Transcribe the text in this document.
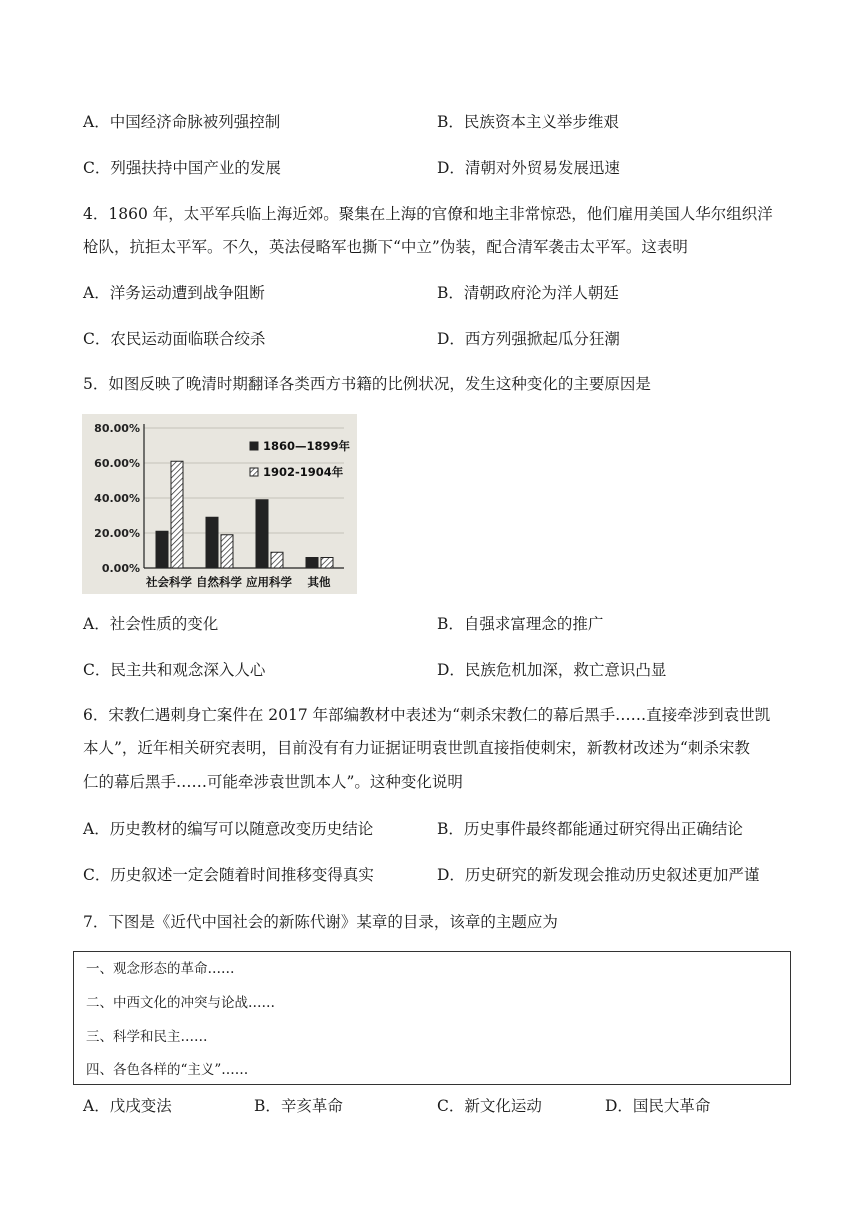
A．中国经济命脉被列强控制	B．民族资本主义举步维艰
C．列强扶持中国产业的发展	D．清朝对外贸易发展迅速
4．1860 年，太平军兵临上海近郊。聚集在上海的官僚和地主非常惊恐，他们雇用美国人华尔组织洋
枪队，抗拒太平军。不久，英法侵略军也撕下“中立”伪装，配合清军袭击太平军。这表明
A．洋务运动遭到战争阻断	B．清朝政府沦为洋人朝廷
C．农民运动面临联合绞杀	D．西方列强掀起瓜分狂潮
5．如图反映了晚清时期翻译各类西方书籍的比例状况，发生这种变化的主要原因是
0.00%
20.00%
40.00%
60.00%
80.00%
社会科学 自然科学 应用科学 其他
1860—1899年
1902-1904年
A．社会性质的变化	B．自强求富理念的推广
C．民主共和观念深入人心	D．民族危机加深，救亡意识凸显
6．宋教仁遇刺身亡案件在 2017 年部编教材中表述为“刺杀宋教仁的幕后黑手……直接牵涉到袁世凯
本人”，近年相关研究表明，目前没有有力证据证明袁世凯直接指使刺宋，新教材改述为“刺杀宋教
仁的幕后黑手……可能牵涉袁世凯本人”。这种变化说明
A．历史教材的编写可以随意改变历史结论	B．历史事件最终都能通过研究得出正确结论
C．历史叙述一定会随着时间推移变得真实	D．历史研究的新发现会推动历史叙述更加严谨
7．下图是《近代中国社会的新陈代谢》某章的目录，该章的主题应为
一、观念形态的革命……
二、中西文化的冲突与论战……
三、科学和民主……
四、各色各样的“主义”……
A．戊戌变法	B．辛亥革命	C．新文化运动	D．国民大革命
